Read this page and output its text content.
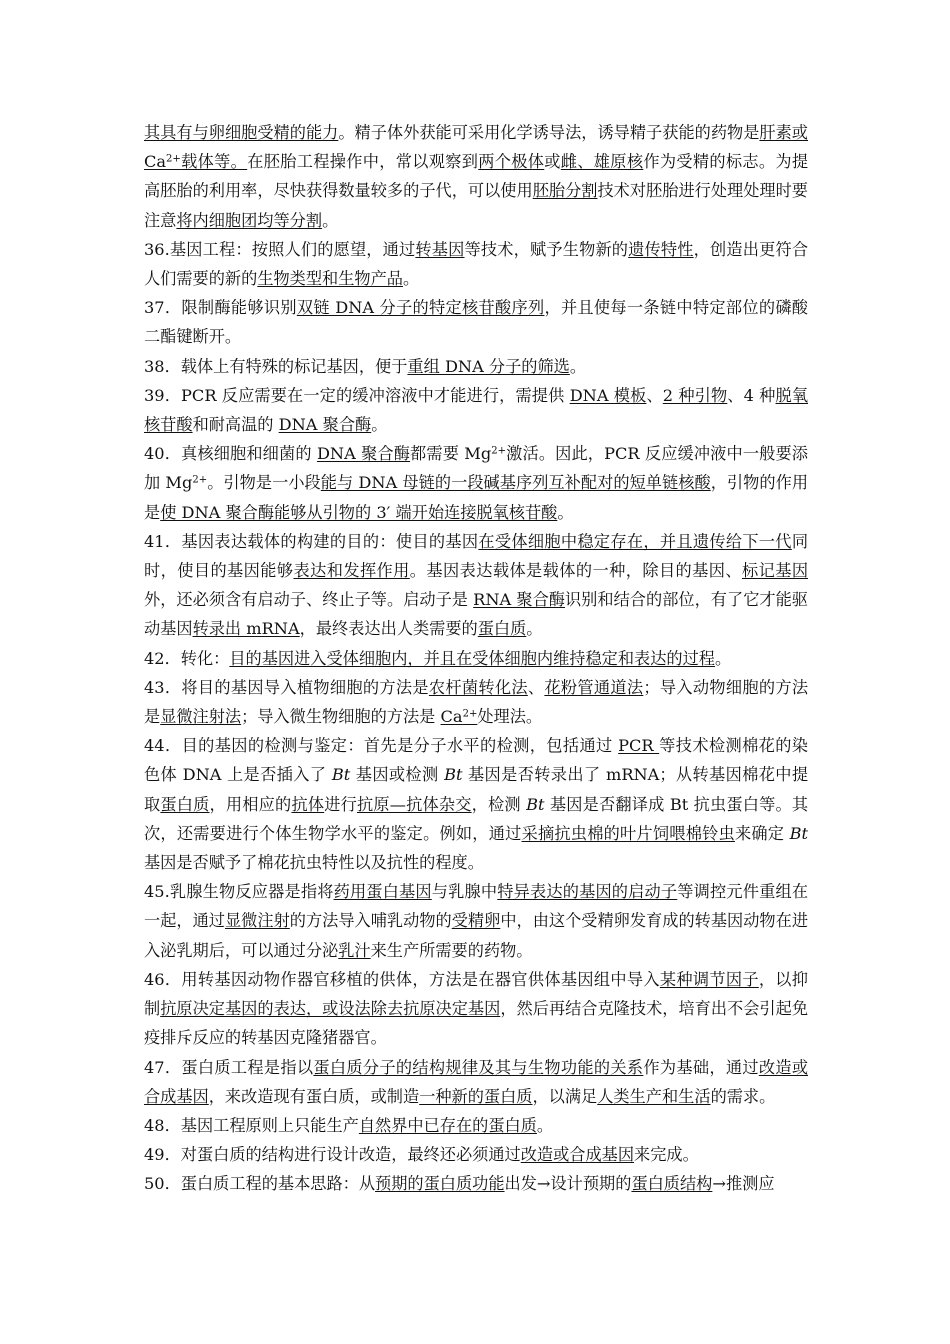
其具有与卵细胞受精的能力。精子体外获能可采用化学诱导法，诱导精子获能的药物是肝素或 $Ca^{2+}$载体等。在胚胎工程操作中，常以观察到两个极体或雌、雄原核作为受精的标志。为提高胚胎的利用率，尽快获得数量较多的子代，可以使用胚胎分割技术对胚胎进行处理处理时要注意将内细胞团均等分割。

36.基因工程：按照人们的愿望，通过转基因等技术，赋予生物新的遗传特性，创造出更符合人们需要的新的生物类型和生物产品。

37．限制酶能够识别双链 DNA 分子的特定核苷酸序列，并且使每一条链中特定部位的磷酸二酯键断开。

38．载体上有特殊的标记基因，便于重组 DNA 分子的筛选。

39．PCR 反应需要在一定的缓冲溶液中才能进行，需提供 DNA 模板、2 种引物、4 种脱氧核苷酸和耐高温的 DNA 聚合酶。

40．真核细胞和细菌的 DNA 聚合酶都需要 $Mg^{2+}$激活。因此，PCR 反应缓冲液中一般要添加 $Mg^{2+}$。引物是一小段能与 DNA 母链的一段碱基序列互补配对的短单链核酸，引物的作用是使 DNA 聚合酶能够从引物的 3′ 端开始连接脱氧核苷酸。

41．基因表达载体的构建的目的：使目的基因在受体细胞中稳定存在，并且遗传给下一代同时，使目的基因能够表达和发挥作用。基因表达载体是载体的一种，除目的基因、标记基因外，还必须含有启动子、终止子等。启动子是 RNA 聚合酶识别和结合的部位，有了它才能驱动基因转录出 mRNA，最终表达出人类需要的蛋白质。

42．转化：目的基因进入受体细胞内，并且在受体细胞内维持稳定和表达的过程。

43．将目的基因导入植物细胞的方法是农杆菌转化法、花粉管通道法；导入动物细胞的方法是显微注射法；导入微生物细胞的方法是 $Ca^{2+}$处理法。

44．目的基因的检测与鉴定：首先是分子水平的检测，包括通过 PCR 等技术检测棉花的染色体 DNA 上是否插入了 Bt 基因或检测 Bt 基因是否转录出了 mRNA；从转基因棉花中提取蛋白质，用相应的抗体进行抗原—抗体杂交，检测 Bt 基因是否翻译成 Bt 抗虫蛋白等。其次，还需要进行个体生物学水平的鉴定。例如，通过采摘抗虫棉的叶片饲喂棉铃虫来确定 Bt 基因是否赋予了棉花抗虫特性以及抗性的程度。

45.乳腺生物反应器是指将药用蛋白基因与乳腺中特异表达的基因的启动子等调控元件重组在一起，通过显微注射的方法导入哺乳动物的受精卵中，由这个受精卵发育成的转基因动物在进入泌乳期后，可以通过分泌乳汁来生产所需要的药物。

46．用转基因动物作器官移植的供体，方法是在器官供体基因组中导入某种调节因子，以抑制抗原决定基因的表达，或设法除去抗原决定基因，然后再结合克隆技术，培育出不会引起免疫排斥反应的转基因克隆猪器官。

47．蛋白质工程是指以蛋白质分子的结构规律及其与生物功能的关系作为基础，通过改造或合成基因，来改造现有蛋白质，或制造一种新的蛋白质，以满足人类生产和生活的需求。

48．基因工程原则上只能生产自然界中已存在的蛋白质。

49．对蛋白质的结构进行设计改造，最终还必须通过改造或合成基因来完成。

50．蛋白质工程的基本思路：从预期的蛋白质功能出发→设计预期的蛋白质结构→推测应
